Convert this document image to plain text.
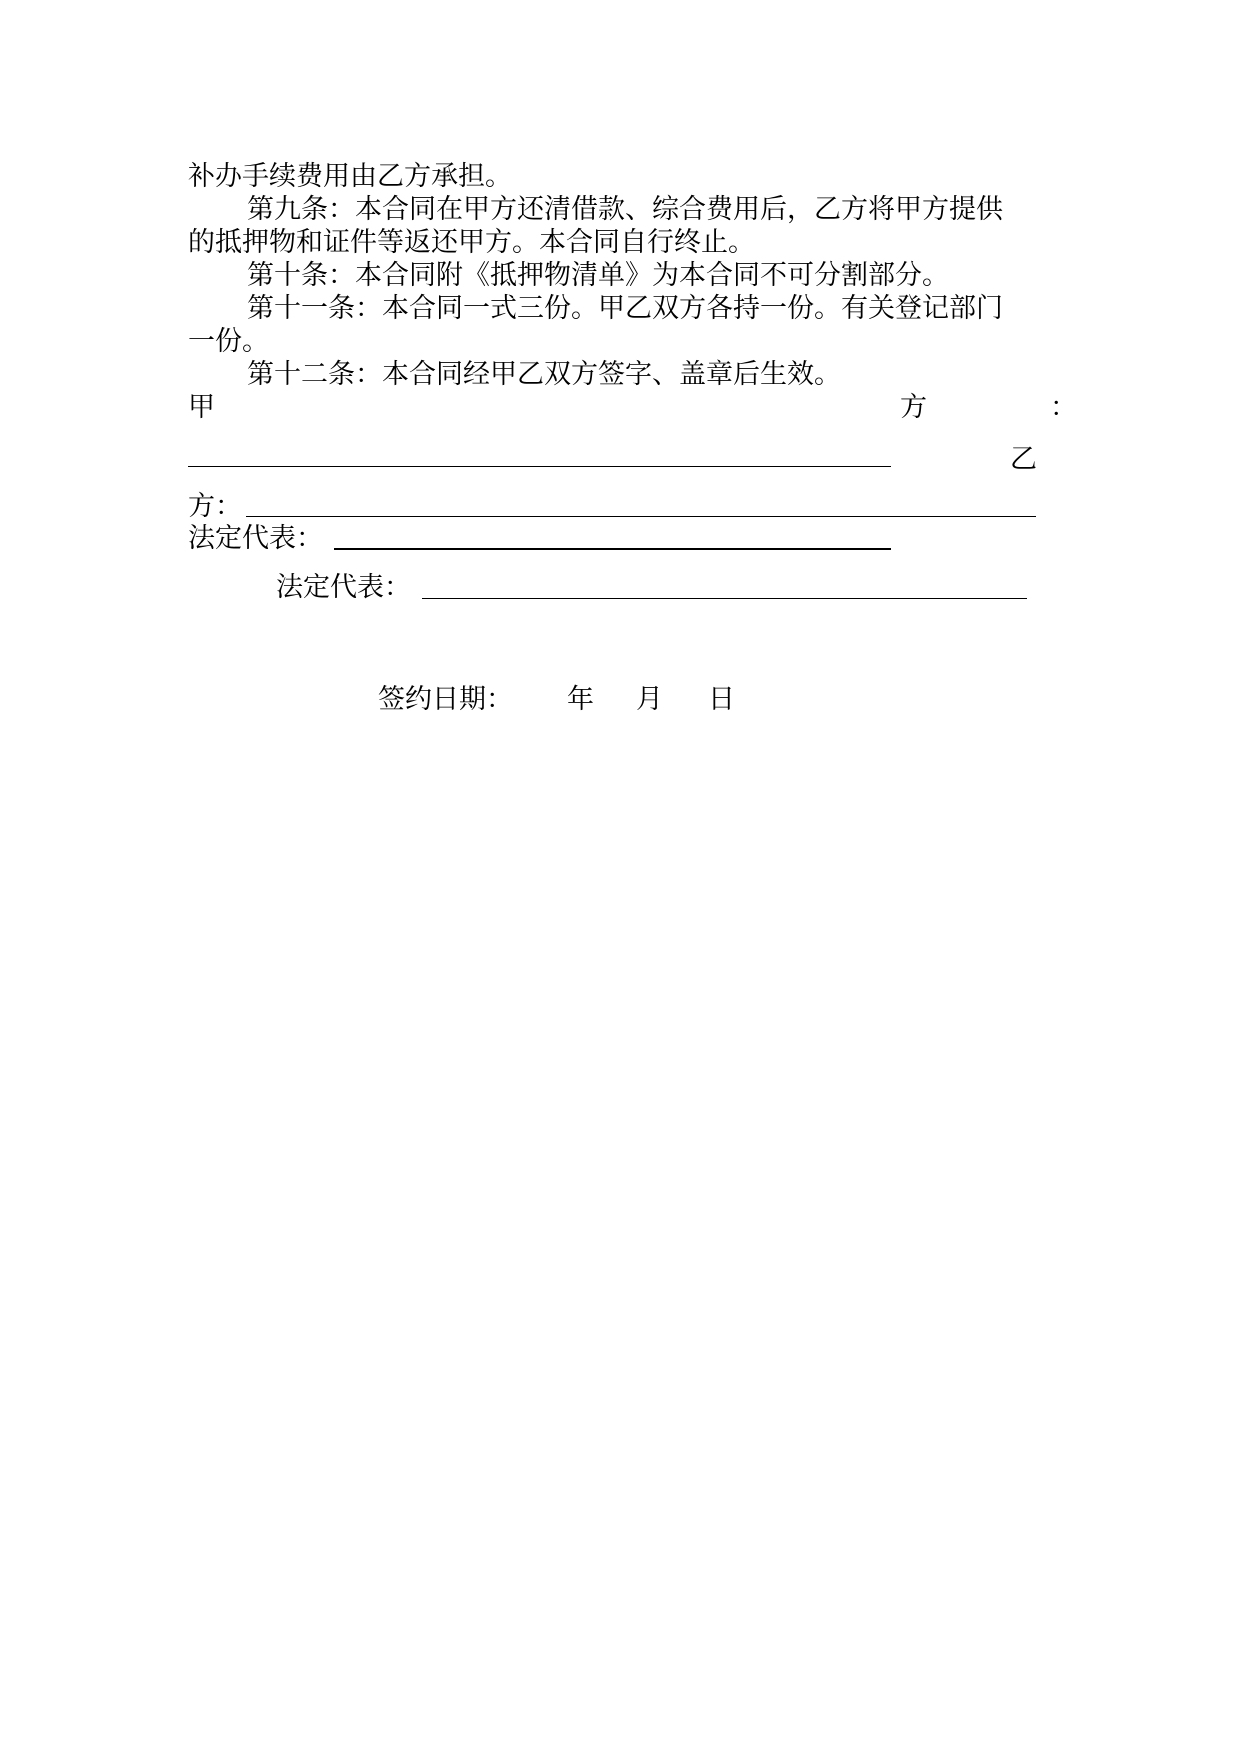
补办手续费用由乙方承担。
第九条：本合同在甲方还清借款、综合费用后，乙方将甲方提供
的抵押物和证件等返还甲方。本合同自行终止。
第十条：本合同附《抵押物清单》为本合同不可分割部分。
第十一条：本合同一式三份。甲乙双方各持一份。有关登记部门
一份。
第十二条：本合同经甲乙双方签字、盖章后生效。
甲	方	：
乙
方：
法定代表：
法定代表：
签约日期： 年 月 日
